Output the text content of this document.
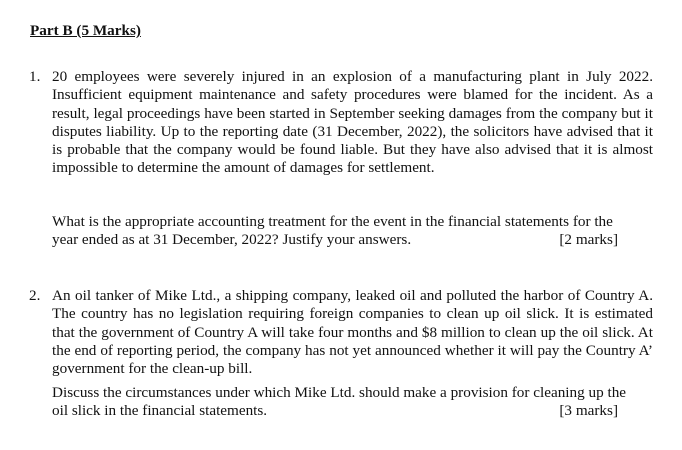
Part B (5 Marks)
1. 20 employees were severely injured in an explosion of a manufacturing plant in July 2022. Insufficient equipment maintenance and safety procedures were blamed for the incident. As a result, legal proceedings have been started in September seeking damages from the company but it disputes liability. Up to the reporting date (31 December, 2022), the solicitors have advised that it is probable that the company would be found liable. But they have also advised that it is almost impossible to determine the amount of damages for settlement.
What is the appropriate accounting treatment for the event in the financial statements for the
year ended as at 31 December, 2022? Justify your answers.	[2 marks]
2. An oil tanker of Mike Ltd., a shipping company, leaked oil and polluted the harbor of Country A. The country has no legislation requiring foreign companies to clean up oil slick. It is estimated that the government of Country A will take four months and $8 million to clean up the oil slick. At the end of reporting period, the company has not yet announced whether it will pay the Country A’ government for the clean-up bill.
Discuss the circumstances under which Mike Ltd. should make a provision for cleaning up the
oil slick in the financial statements.	[3 marks]
